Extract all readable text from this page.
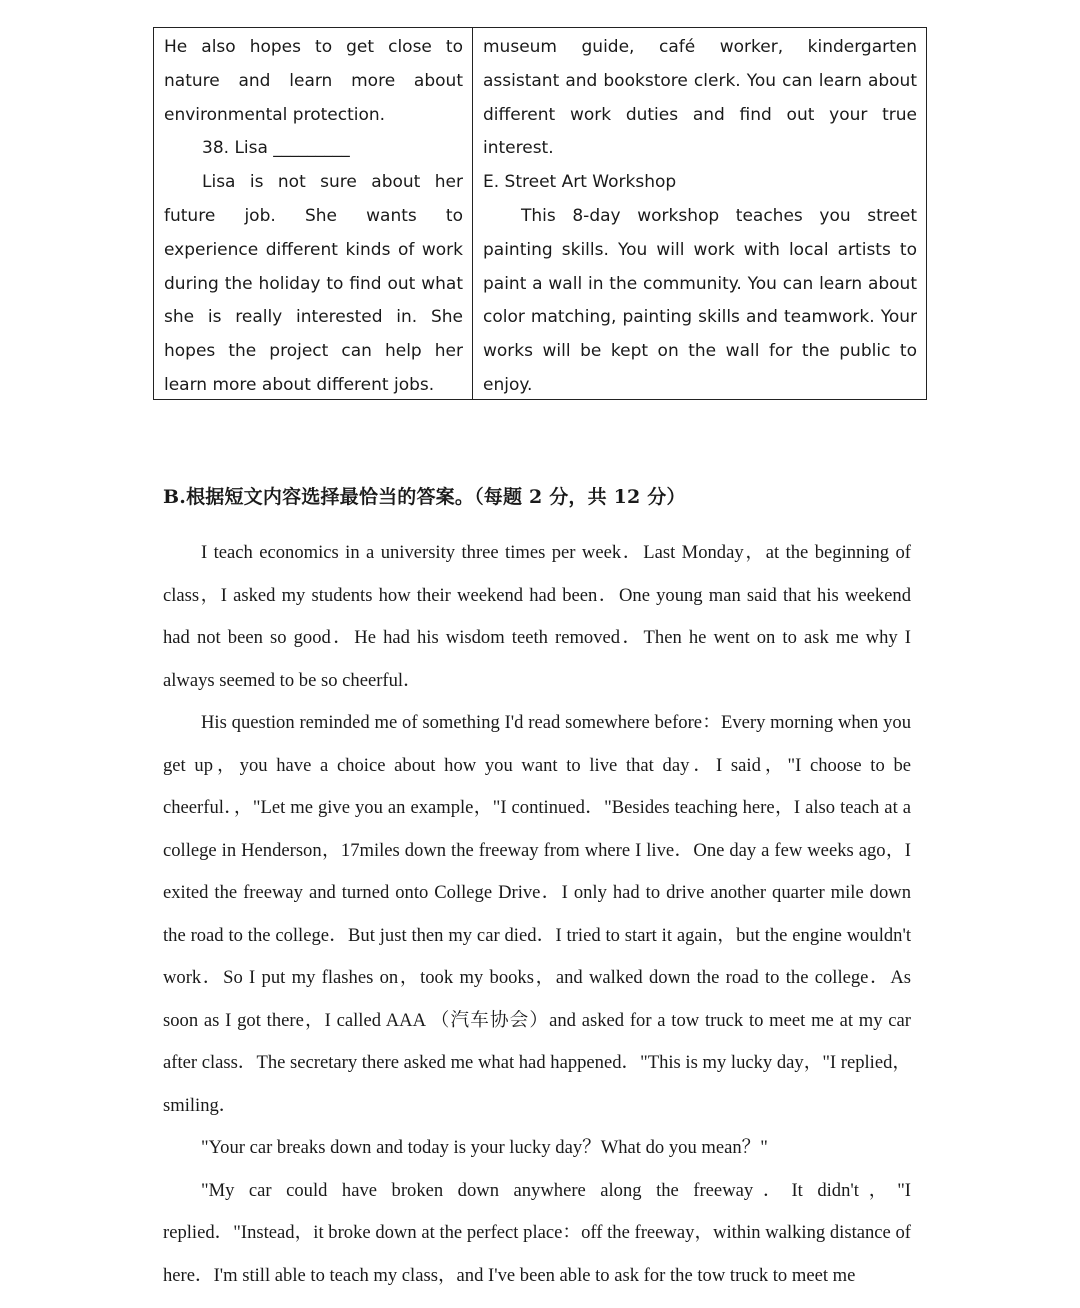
He also hopes to get close to nature and learn more about environmental protection.

38. Lisa _________

Lisa is not sure about her future job. She wants to experience different kinds of work during the holiday to find out what she is really interested in. She hopes the project can help her learn more about different jobs.

museum guide, café worker, kindergarten assistant and bookstore clerk. You can learn about different work duties and find out your true interest.

E. Street Art Workshop

This 8-day workshop teaches you street painting skills. You will work with local artists to paint a wall in the community. You can learn about color matching, painting skills and teamwork. Your works will be kept on the wall for the public to enjoy.

B.根据短文内容选择最恰当的答案。（每题 2 分，共 12 分）

I teach economics in a university three times per week．Last Monday，at the beginning of class，I asked my students how their weekend had been．One young man said that his weekend had not been so good．He had his wisdom teeth removed．Then he went on to ask me why I always seemed to be so cheerful．

His question reminded me of something I'd read somewhere before：Every morning when you get up，you have a choice about how you want to live that day．I said，"I choose to be cheerful．，"Let me give you an example，"I continued．"Besides teaching here，I also teach at a college in Henderson，17miles down the freeway from where I live．One day a few weeks ago，I exited the freeway and turned onto College Drive．I only had to drive another quarter mile down the road to the college．But just then my car died．I tried to start it again，but the engine wouldn't work．So I put my flashes on，took my books，and walked down the road to the college．As soon as I got there，I called AAA （汽车协会）and asked for a tow truck to meet me at my car after class．The secretary there asked me what had happened．"This is my lucky day，"I replied，smiling．

"Your car breaks down and today is your lucky day？What do you mean？"

"My car could have broken down anywhere along the freeway．It didn't，"I replied．"Instead，it broke down at the perfect place：off the freeway，within walking distance of here．I'm still able to teach my class，and I've been able to ask for the tow truck to meet me
